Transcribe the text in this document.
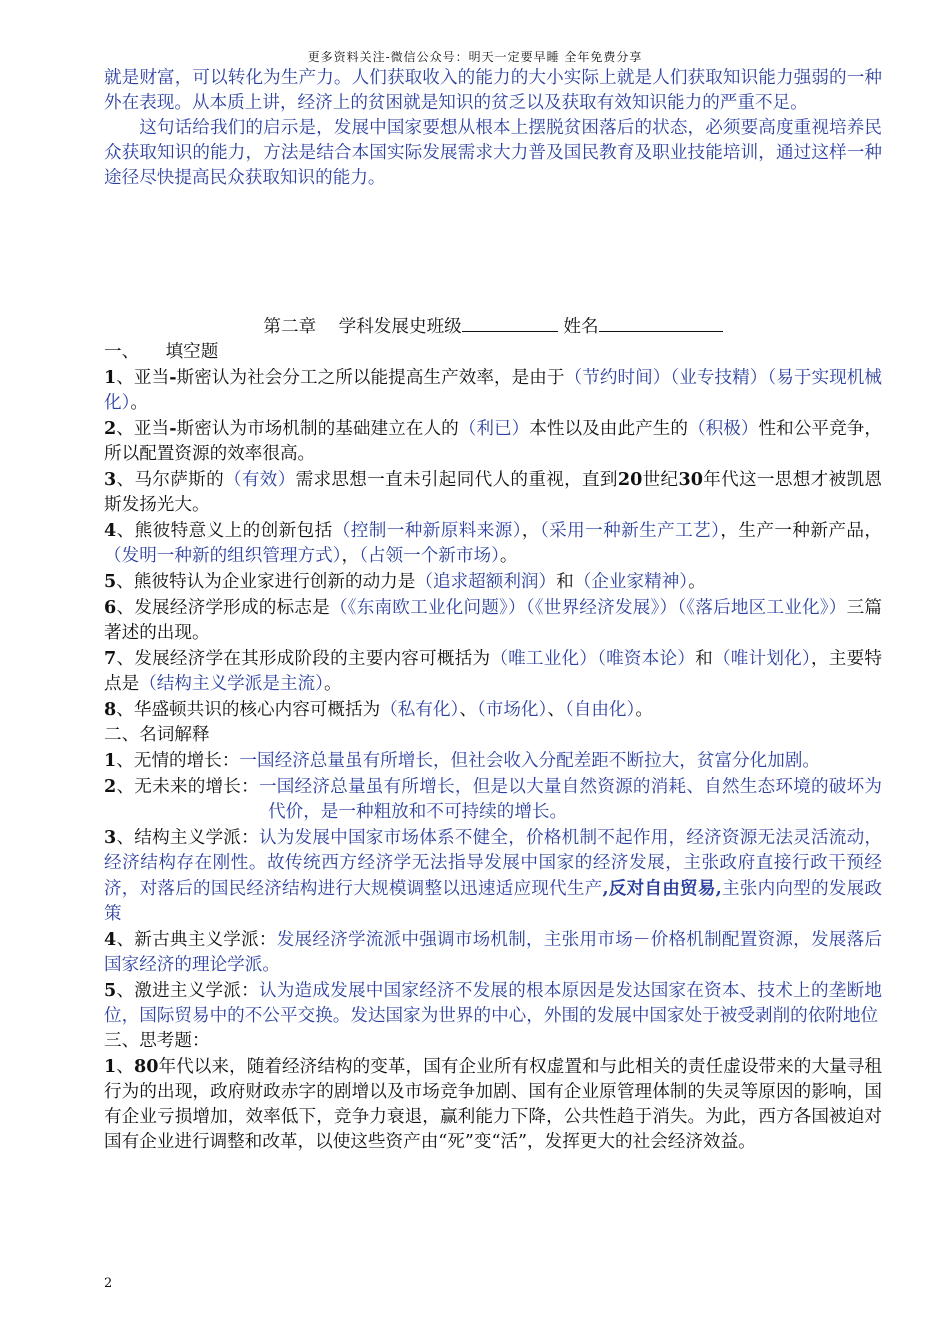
更多资料关注-微信公众号：明天一定要早睡 全年免费分享

就是财富，可以转化为生产力。人们获取收入的能力的大小实际上就是人们获取知识能力强弱的一种外在表现。从本质上讲，经济上的贫困就是知识的贫乏以及获取有效知识能力的严重不足。

这句话给我们的启示是，发展中国家要想从根本上摆脱贫困落后的状态，必须要高度重视培养民众获取知识的能力，方法是结合本国实际发展需求大力普及国民教育及职业技能培训，通过这样一种途径尽快提高民众获取知识的能力。

第二章 学科发展史班级	姓名

一、　　填空题

1、亚当-斯密认为社会分工之所以能提高生产效率，是由于（节约时间）（业专技精）（易于实现机械化）。

2、亚当-斯密认为市场机制的基础建立在人的（利已）本性以及由此产生的（积极）性和公平竞争，所以配置资源的效率很高。

3、马尔萨斯的（有效）需求思想一直未引起同代人的重视，直到20世纪30年代这一思想才被凯恩斯发扬光大。

4、熊彼特意义上的创新包括（控制一种新原料来源），（采用一种新生产工艺），生产一种新产品，（发明一种新的组织管理方式），（占领一个新市场）。

5、熊彼特认为企业家进行创新的动力是（追求超额利润）和（企业家精神）。

6、发展经济学形成的标志是（《东南欧工业化问题》）（《世界经济发展》）（《落后地区工业化》）三篇著述的出现。

7、发展经济学在其形成阶段的主要内容可概括为（唯工业化）（唯资本论）和（唯计划化），主要特点是（结构主义学派是主流）。

8、华盛顿共识的核心内容可概括为（私有化）、（市场化）、（自由化）。

二、名词解释

1、无情的增长：一国经济总量虽有所增长，但社会收入分配差距不断拉大，贫富分化加剧。

2、无未来的增长：一国经济总量虽有所增长，但是以大量自然资源的消耗、自然生态环境的破坏为代价，是一种粗放和不可持续的增长。

3、结构主义学派：认为发展中国家市场体系不健全，价格机制不起作用，经济资源无法灵活流动，经济结构存在刚性。故传统西方经济学无法指导发展中国家的经济发展，主张政府直接行政干预经济，对落后的国民经济结构进行大规模调整以迅速适应现代生产,反对自由贸易,主张内向型的发展政策

4、新古典主义学派：发展经济学流派中强调市场机制，主张用市场－价格机制配置资源，发展落后国家经济的理论学派。

5、激进主义学派：认为造成发展中国家经济不发展的根本原因是发达国家在资本、技术上的垄断地位，国际贸易中的不公平交换。发达国家为世界的中心，外围的发展中国家处于被受剥削的依附地位

三、思考题：

1、80年代以来，随着经济结构的变革，国有企业所有权虚置和与此相关的责任虚设带来的大量寻租行为的出现，政府财政赤字的剧增以及市场竞争加剧、国有企业原管理体制的失灵等原因的影响，国有企业亏损增加，效率低下，竞争力衰退，赢利能力下降，公共性趋于消失。为此，西方各国被迫对国有企业进行调整和改革，以使这些资产由“死”变“活”，发挥更大的社会经济效益。

2
